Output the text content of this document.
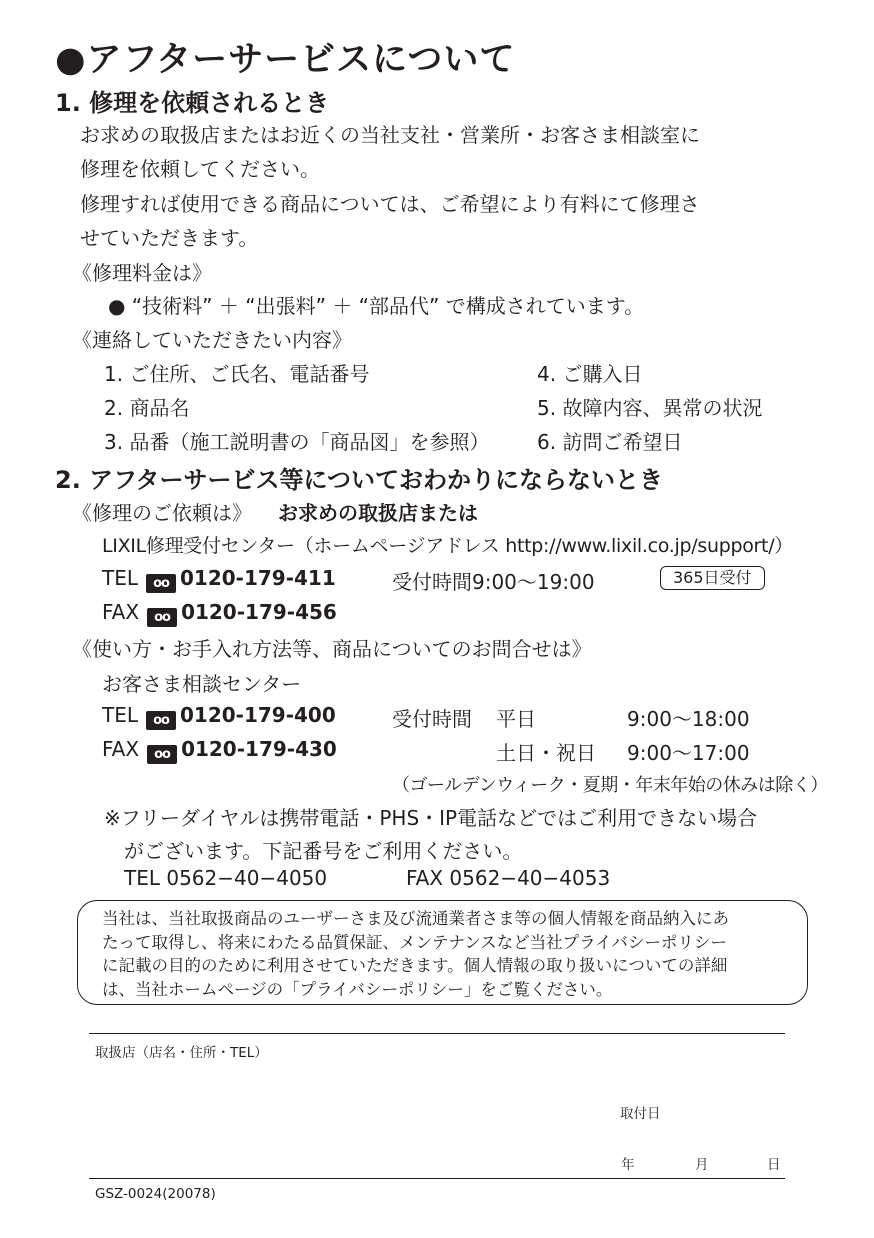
●アフターサービスについて
1. 修理を依頼されるとき
お求めの取扱店またはお近くの当社支社・営業所・お客さま相談室に
修理を依頼してください。
修理すれば使用できる商品については、ご希望により有料にて修理さ
せていただきます。
《修理料金は》
● “技術料” ＋ “出張料” ＋ “部品代” で構成されています。
《連絡していただきたい内容》
1. ご住所、ご氏名、電話番号
2. 商品名
3. 品番（施工説明書の「商品図」を参照）
4. ご購入日
5. 故障内容、異常の状況
6. 訪問ご希望日
2. アフターサービス等についておわかりにならないとき
《修理のご依頼は》 お求めの取扱店または
LIXIL修理受付センター（ホームページアドレス http://www.lixil.co.jp/support/）
TEL oo 0120-179-411	受付時間9:00～19:00	365日受付
FAX oo 0120-179-456
《使い方・お手入れ方法等、商品についてのお問合せは》
お客さま相談センター
TEL oo 0120-179-400	受付時間 平日	9:00～18:00
FAX oo 0120-179-430	土日・祝日 9:00～17:00
（ゴールデンウィーク・夏期・年末年始の休みは除く）
※フリーダイヤルは携帯電話・PHS・IP電話などではご利用できない場合
がございます。下記番号をご利用ください。
TEL 0562−40−4050	FAX 0562−40−4053
当社は、当社取扱商品のユーザーさま及び流通業者さま等の個人情報を商品納入にあ
たって取得し、将来にわたる品質保証、メンテナンスなど当社プライバシーポリシー
に記載の目的のために利用させていただきます。個人情報の取り扱いについての詳細
は、当社ホームページの「プライバシーポリシー」をご覧ください。
取扱店（店名・住所・TEL）
取付日
年	月	日
GSZ-0024(20078)
